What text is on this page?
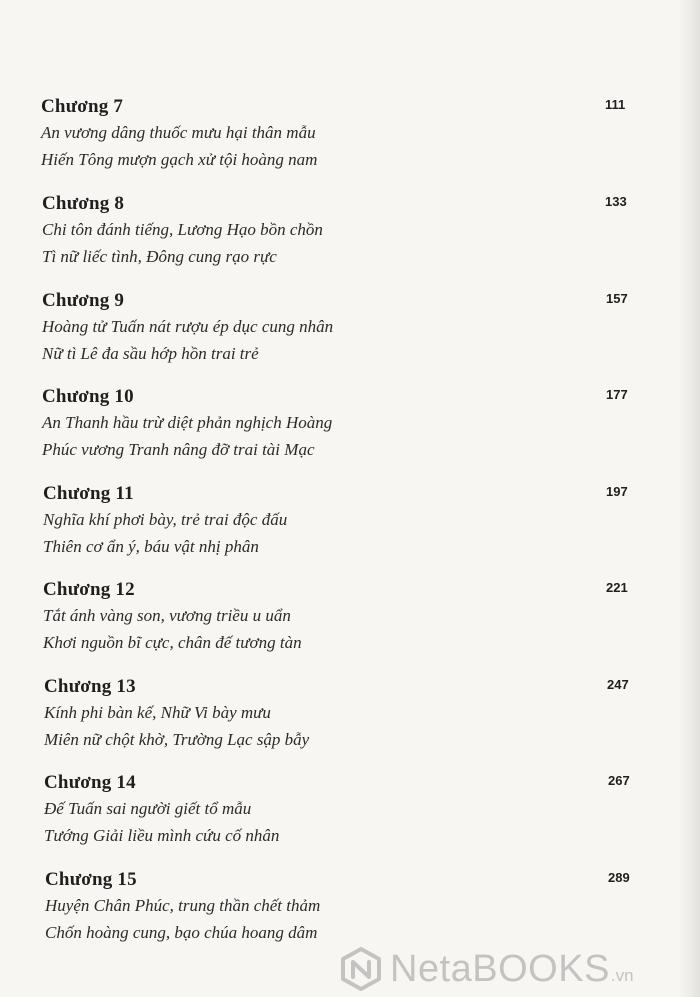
Chương 7	111
An vương dâng thuốc mưu hại thân mẫu
Hiến Tông mượn gạch xử tội hoàng nam
Chương 8	133
Chi tôn đánh tiếng, Lương Hạo bồn chồn
Tì nữ liếc tình, Đông cung rạo rực
Chương 9	157
Hoàng tử Tuấn nát rượu ép dục cung nhân
Nữ tì Lê đa sầu hớp hồn trai trẻ
Chương 10	177
An Thanh hầu trừ diệt phản nghịch Hoàng
Phúc vương Tranh nâng đỡ trai tài Mạc
Chương 11	197
Nghĩa khí phơi bày, trẻ trai độc đấu
Thiên cơ ẩn ý, báu vật nhị phân
Chương 12	221
Tắt ánh vàng son, vương triều u uẩn
Khơi nguồn bĩ cực, chân đế tương tàn
Chương 13	247
Kính phi bàn kế, Nhữ Vi bày mưu
Miên nữ chột khờ, Trường Lạc sập bẫy
Chương 14	267
Đế Tuấn sai người giết tổ mẫu
Tướng Giải liều mình cứu cố nhân
Chương 15	289
Huyện Chân Phúc, trung thần chết thảm
Chốn hoàng cung, bạo chúa hoang dâm
NetaBOOKS .vn
